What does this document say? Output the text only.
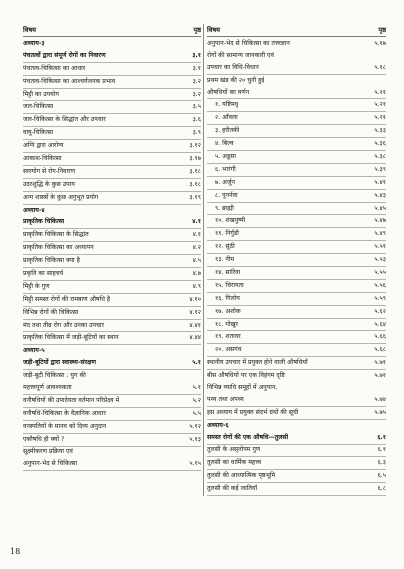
विषय	पृष्ठ
अध्याय-३
पंचतत्वों द्वारा संपूर्ण रोगों का निवारण	३.१
पंचतत्व-चिकित्सा का आधार	३.१
पंचतत्व-चिकित्सा का आश्चर्यजनक प्रभाव	३.२
मिट्टी का उपयोग	३.२
जल-चिकित्सा	३.५
जल-चिकित्सा के सिद्धांत और उपचार	३.६
वायु-चिकित्सा	३.९
अग्नि द्वारा आरोग्य	३.१२
आकाश-चिकित्सा	३.१७
स्वरयोग से रोग-निवारण	३.१८
उदरशुद्धि के कुछ उपाय	३.१८
अन्य शास्त्रों के कुछ अनुभूत प्रयोग	३.१९
अध्याय-४
प्राकृतिक चिकित्सा	४.१
प्राकृतिक चिकित्सा के सिद्धांत	४.१
प्राकृतिक चिकित्सा का अध्यापन	४.२
प्राकृतिक चिकित्सा क्या है	४.५
प्रकृति का साहचर्य	४.७
मिट्टी के गुण	४.९
मिट्टी समस्त रोगों की रामबाण औषधि है	४.१०
विभिन्न रोगों की चिकित्सा	४.१२
मंद तथा तीव्र रोग और उनका उपचार	४.४१
प्राकृतिक चिकित्सा में जड़ी-बूटियों का स्थान	४.४४
अध्याय-५
जड़ी-बूटियों द्वारा स्वास्थ्य-संरक्षण	५.१
जड़ी-बूटी चिकित्सा : युग की
महत्त्वपूर्ण आवश्यकता	५.१
वनौषधियों की उपादेयता वर्तमान परिप्रेक्ष्य में	५.२
वनौषधि-चिकित्सा के वैज्ञानिक आधार	५.५
वनस्पतियों के मानव को दिव्य अनुदान	५.१२
एकौषधि ही क्यों ?	५.१३
सूक्ष्मीकरण प्रक्रिया एवं
अनुपान-भेद से चिकित्सा	५.१५
विषय	पृष्ठ
अनुपान-भेद से चिकित्सा का तत्त्वज्ञान	५.१७
रोगों की सामान्य जानकारी एवं
उपचार का विधि-विधान	५.१८
प्रथम खंड की २० चुनी हुई
औषधियों का वर्णन	५.२१
१. यष्टिमधु	५.२१
२. आँवला	५.२१
३. हरीतकी	५.३३
४. बिल्व	५.३६
५. अडूसा	५.३८
६. भारंगी	५.३९
७. अर्जुन	५.४१
८. पुनर्नवा	५.४३
९. ब्राह्मी	५.४५
१०. शंखपुष्पी	५.४७
११. निर्गुंडी	५.४९
१२. सुंठी	५.५१
१३. नीम	५.५३
१४. सारिवा	५.५५
१५. चिरायता	५.५६
१६. गिलोय	५.५९
१७. अशोक	५.६२
१८. गोखुर	५.६४
१९. शतावर	५.६६
२०. असगंध	५.६८
स्थानीय उपचार में प्रयुक्त होने वाली औषधियाँ	५.७१
बीस औषधियों पर एक विहंगम दृष्टि	५.७१
विभिन्न व्याधि समूहों में अनुपान,
पथ्य तथा अपथ्य	५.७४
इस अध्याय में प्रयुक्त संदर्भ ग्रंथों की सूची	५.७५
अध्याय-६
समस्त रोगों की एक औषधि—तुलसी	६.१
तुलसी के असृतोपम गुण	६.१
तुलसी का धार्मिक महत्त्व	६.३
तुलसी की आध्यात्मिक पृष्ठभूमि	६.५
तुलसी की कई जातियाँ	६.८
18
